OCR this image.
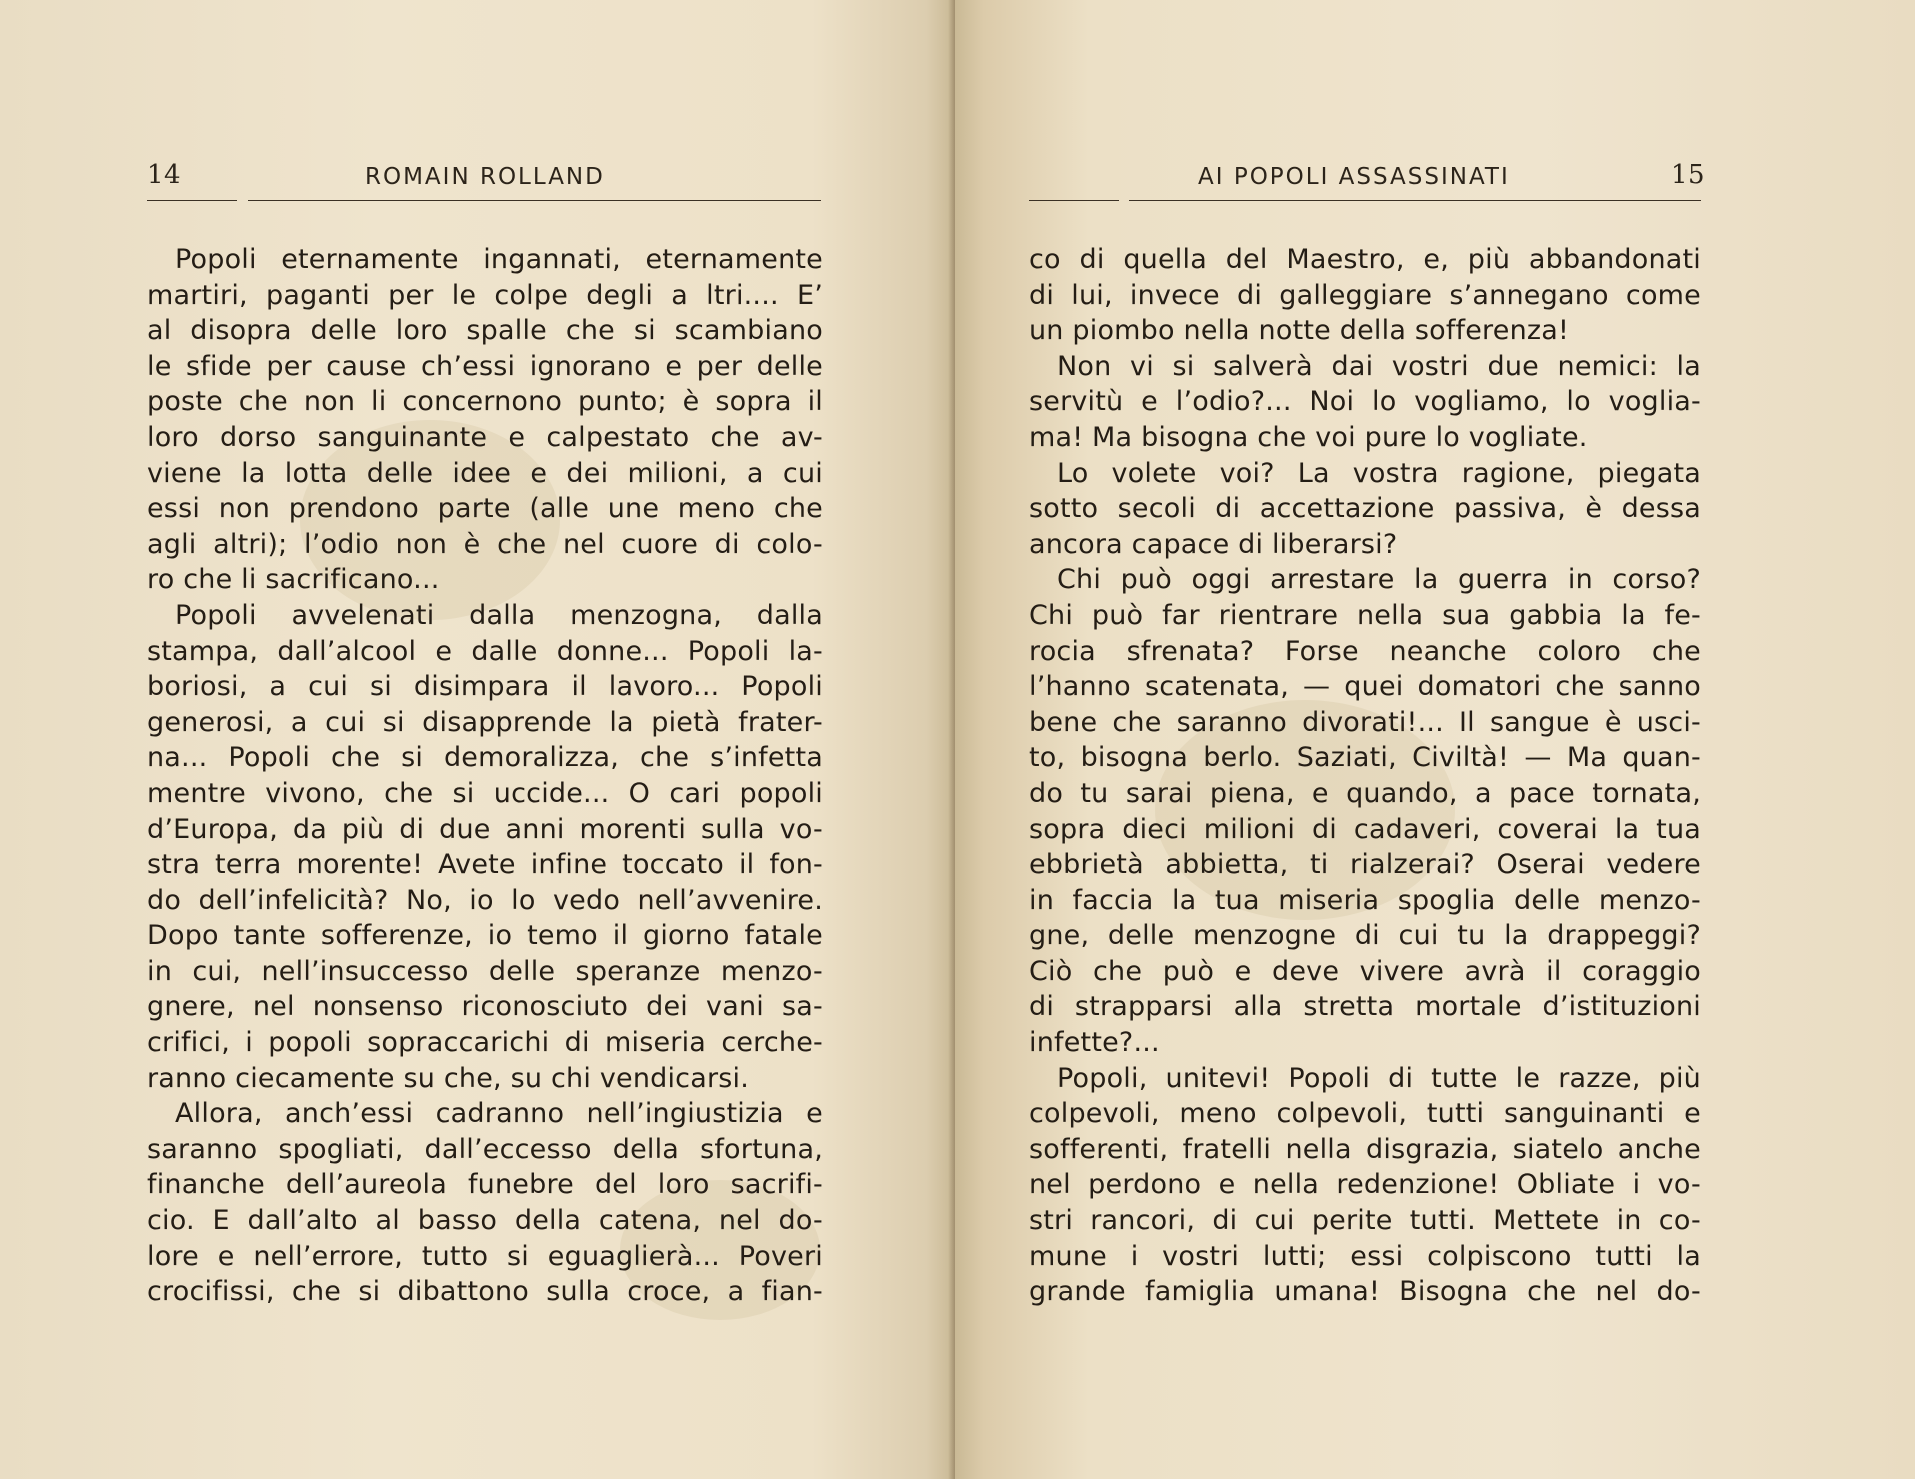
14	ROMAIN ROLLAND
Popoli eternamente ingannati, eternamente
martiri, paganti per le colpe degli a ltri.... E’
al disopra delle loro spalle che si scambiano
le sfide per cause ch’essi ignorano e per delle
poste che non li concernono punto; è sopra il
loro dorso sanguinante e calpestato che av-
viene la lotta delle idee e dei milioni, a cui
essi non prendono parte (alle une meno che
agli altri); l’odio non è che nel cuore di colo-
ro che li sacrificano...
Popoli avvelenati dalla menzogna, dalla
stampa, dall’alcool e dalle donne... Popoli la-
boriosi, a cui si disimpara il lavoro... Popoli
generosi, a cui si disapprende la pietà frater-
na... Popoli che si demoralizza, che s’infetta
mentre vivono, che si uccide... O cari popoli
d’Europa, da più di due anni morenti sulla vo-
stra terra morente! Avete infine toccato il fon-
do dell’infelicità? No, io lo vedo nell’avvenire.
Dopo tante sofferenze, io temo il giorno fatale
in cui, nell’insuccesso delle speranze menzo-
gnere, nel nonsenso riconosciuto dei vani sa-
crifici, i popoli sopraccarichi di miseria cerche-
ranno ciecamente su che, su chi vendicarsi.
Allora, anch’essi cadranno nell’ingiustizia e
saranno spogliati, dall’eccesso della sfortuna,
finanche dell’aureola funebre del loro sacrifi-
cio. E dall’alto al basso della catena, nel do-
lore e nell’errore, tutto si eguaglierà... Poveri
crocifissi, che si dibattono sulla croce, a fian-
AI POPOLI ASSASSINATI	15
co di quella del Maestro, e, più abbandonati
di lui, invece di galleggiare s’annegano come
un piombo nella notte della sofferenza!
Non vi si salverà dai vostri due nemici: la
servitù e l’odio?... Noi lo vogliamo, lo voglia-
ma! Ma bisogna che voi pure lo vogliate.
Lo volete voi? La vostra ragione, piegata
sotto secoli di accettazione passiva, è dessa
ancora capace di liberarsi?
Chi può oggi arrestare la guerra in corso?
Chi può far rientrare nella sua gabbia la fe-
rocia sfrenata? Forse neanche coloro che
l’hanno scatenata, — quei domatori che sanno
bene che saranno divorati!... Il sangue è usci-
to, bisogna berlo. Saziati, Civiltà! — Ma quan-
do tu sarai piena, e quando, a pace tornata,
sopra dieci milioni di cadaveri, coverai la tua
ebbrietà abbietta, ti rialzerai? Oserai vedere
in faccia la tua miseria spoglia delle menzo-
gne, delle menzogne di cui tu la drappeggi?
Ciò che può e deve vivere avrà il coraggio
di strapparsi alla stretta mortale d’istituzioni
infette?...
Popoli, unitevi! Popoli di tutte le razze, più
colpevoli, meno colpevoli, tutti sanguinanti e
sofferenti, fratelli nella disgrazia, siatelo anche
nel perdono e nella redenzione! Obliate i vo-
stri rancori, di cui perite tutti. Mettete in co-
mune i vostri lutti; essi colpiscono tutti la
grande famiglia umana! Bisogna che nel do-
